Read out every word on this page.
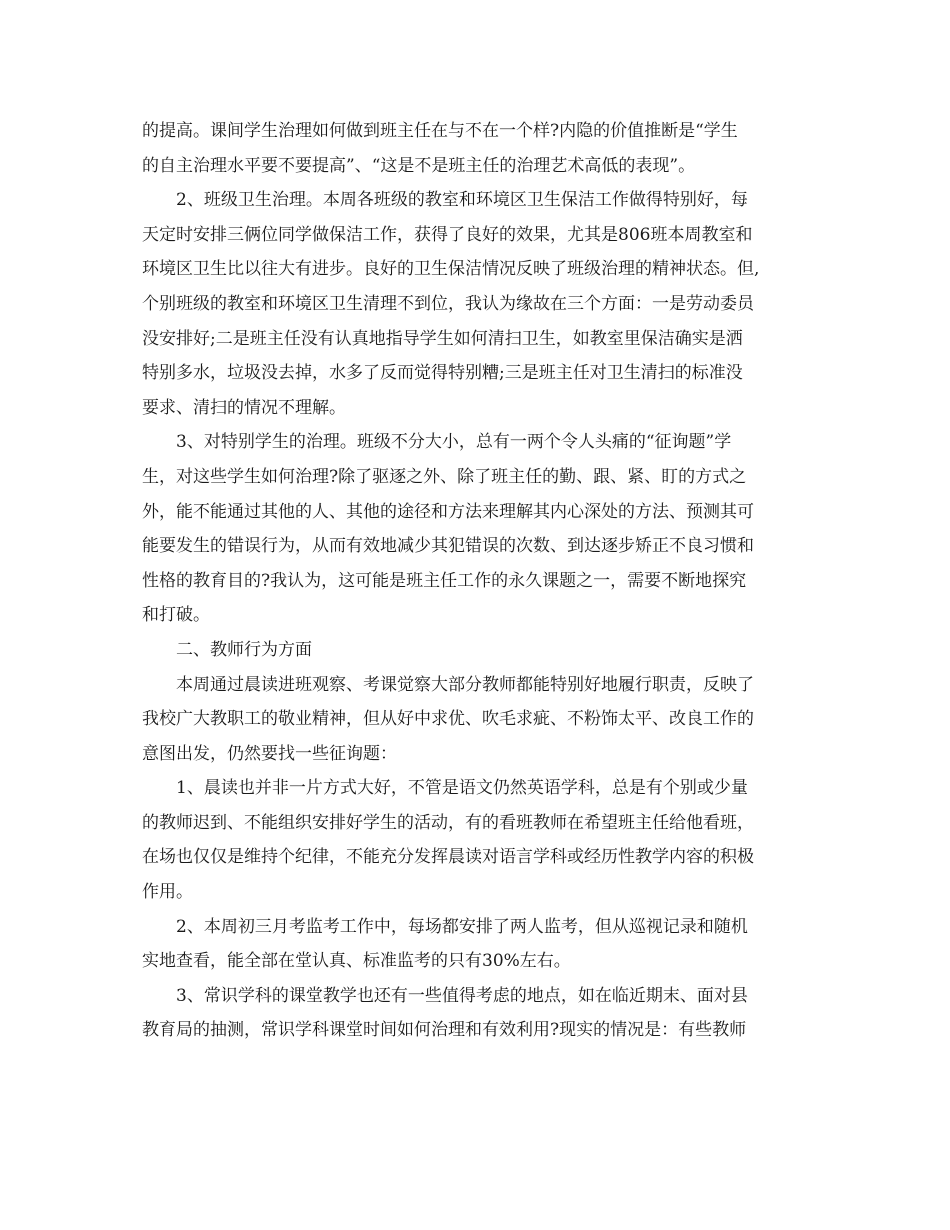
的提高。课间学生治理如何做到班主任在与不在一个样?内隐的价值推断是“学生
的自主治理水平要不要提高”、“这是不是班主任的治理艺术高低的表现”。
2、班级卫生治理。本周各班级的教室和环境区卫生保洁工作做得特别好，每
天定时安排三俩位同学做保洁工作，获得了良好的效果，尤其是806班本周教室和
环境区卫生比以往大有进步。良好的卫生保洁情况反映了班级治理的精神状态。但,
个别班级的教室和环境区卫生清理不到位，我认为缘故在三个方面：一是劳动委员
没安排好;二是班主任没有认真地指导学生如何清扫卫生，如教室里保洁确实是洒
特别多水，垃圾没去掉，水多了反而觉得特别糟;三是班主任对卫生清扫的标准没
要求、清扫的情况不理解。
3、对特别学生的治理。班级不分大小，总有一两个令人头痛的“征询题”学
生，对这些学生如何治理?除了驱逐之外、除了班主任的勤、跟、紧、盯的方式之
外，能不能通过其他的人、其他的途径和方法来理解其内心深处的方法、预测其可
能要发生的错误行为，从而有效地减少其犯错误的次数、到达逐步矫正不良习惯和
性格的教育目的?我认为，这可能是班主任工作的永久课题之一，需要不断地探究
和打破。
二、教师行为方面
本周通过晨读进班观察、考课觉察大部分教师都能特别好地履行职责，反映了
我校广大教职工的敬业精神，但从好中求优、吹毛求疵、不粉饰太平、改良工作的
意图出发，仍然要找一些征询题：
1、晨读也并非一片方式大好，不管是语文仍然英语学科，总是有个别或少量
的教师迟到、不能组织安排好学生的活动，有的看班教师在希望班主任给他看班，
在场也仅仅是维持个纪律，不能充分发挥晨读对语言学科或经历性教学内容的积极
作用。
2、本周初三月考监考工作中，每场都安排了两人监考，但从巡视记录和随机
实地查看，能全部在堂认真、标准监考的只有30%左右。
3、常识学科的课堂教学也还有一些值得考虑的地点，如在临近期末、面对县
教育局的抽测，常识学科课堂时间如何治理和有效利用?现实的情况是：有些教师
